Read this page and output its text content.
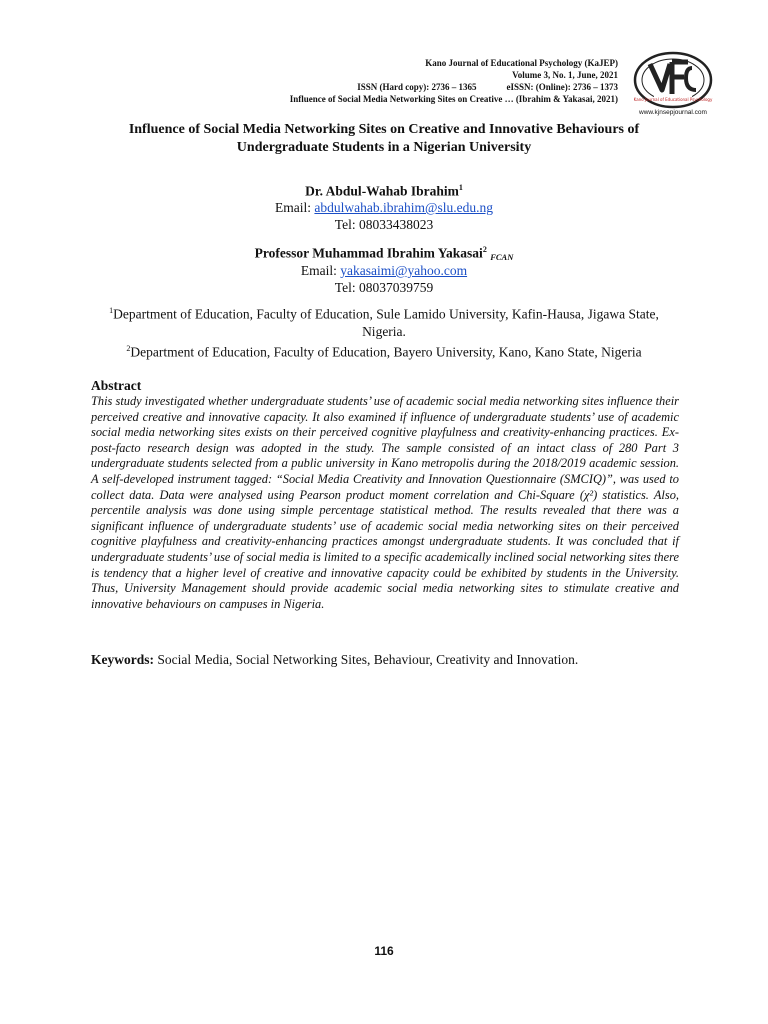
Kano Journal of Educational Psychology (KaJEP)
Volume 3, No. 1, June, 2021
ISSN (Hard copy): 2736 – 1365	eISSN: (Online): 2736 – 1373
Influence of Social Media Networking Sites on Creative … (Ibrahim & Yakasai, 2021)	Kano Journal of Educational Psychology
www.kjnsepjournal.com
Influence of Social Media Networking Sites on Creative and Innovative Behaviours of
Undergraduate Students in a Nigerian University
Dr. Abdul-Wahab Ibrahim$^1$
Email: abdulwahab.ibrahim@slu.edu.ng
Tel: 08033438023
Professor Muhammad Ibrahim Yakasai$^2$ FCAN
Email: yakasaimi@yahoo.com
Tel: 08037039759
$^1$Department of Education, Faculty of Education, Sule Lamido University, Kafin-Hausa, Jigawa State,
Nigeria.
$^2$Department of Education, Faculty of Education, Bayero University, Kano, Kano State, Nigeria
Abstract
This study investigated whether undergraduate students’ use of academic social media networking sites influence their perceived creative and innovative capacity. It also examined if influence of undergraduate students’ use of academic social media networking sites exists on their perceived cognitive playfulness and creativity-enhancing practices. Ex-post-facto research design was adopted in the study. The sample consisted of an intact class of 280 Part 3 undergraduate students selected from a public university in Kano metropolis during the 2018/2019 academic session. A self-developed instrument tagged: “Social Media Creativity and Innovation Questionnaire (SMCIQ)”, was used to collect data. Data were analysed using Pearson product moment correlation and Chi-Square (χ²) statistics. Also, percentile analysis was done using simple percentage statistical method. The results revealed that there was a significant influence of undergraduate students’ use of academic social media networking sites on their perceived cognitive playfulness and creativity-enhancing practices amongst undergraduate students. It was concluded that if undergraduate students’ use of social media is limited to a specific academically inclined social networking sites there is tendency that a higher level of creative and innovative capacity could be exhibited by students in the University. Thus, University Management should provide academic social media networking sites to stimulate creative and innovative behaviours on campuses in Nigeria.
Keywords: Social Media, Social Networking Sites, Behaviour, Creativity and Innovation.
116
